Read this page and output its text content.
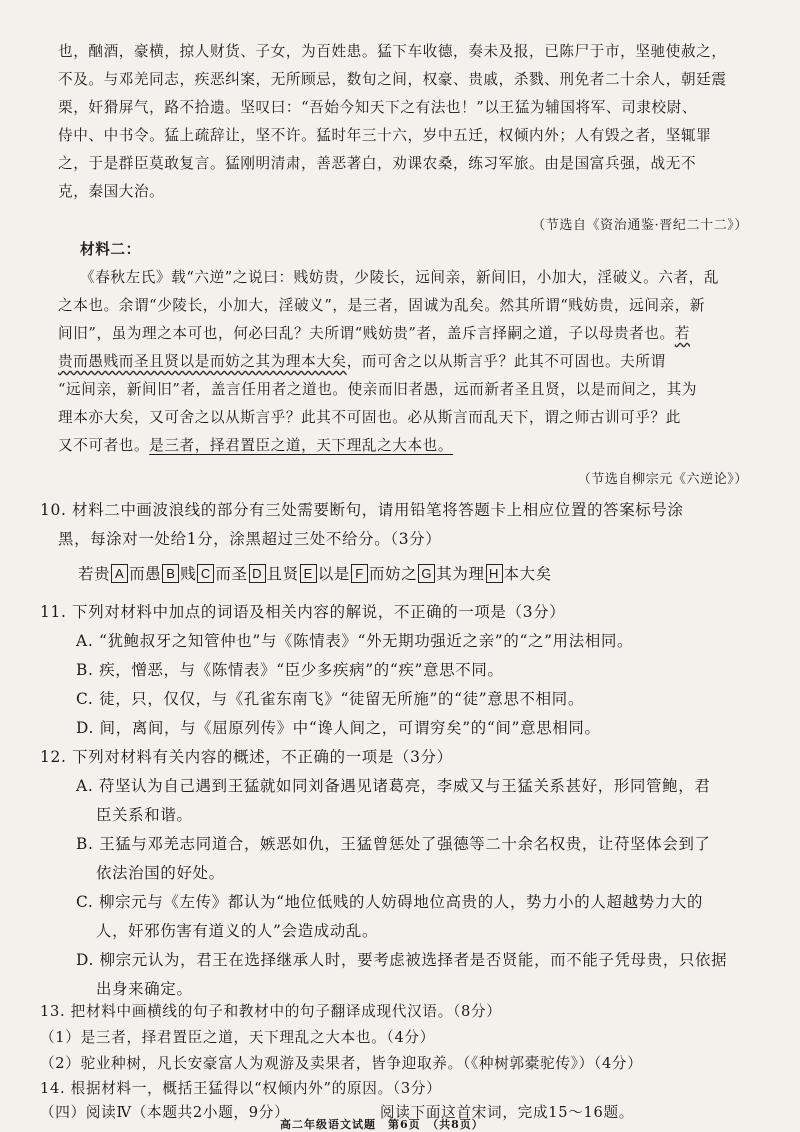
也，酗酒，豪横，掠人财货、子女，为百姓患。猛下车收德，奏未及报，已陈尸于市，坚驰使赦之，
不及。与邓羌同志，疾恶纠案，无所顾忌，数旬之间，权豪、贵戚，杀戮、刑免者二十余人，朝廷震
栗，奸猾屏气，路不拾遗。坚叹曰：“吾始今知天下之有法也！”以王猛为辅国将军、司隶校尉、
侍中、中书令。猛上疏辞让，坚不许。猛时年三十六，岁中五迁，权倾内外；人有毁之者，坚辄罪
之，于是群臣莫敢复言。猛刚明清肃，善恶著白，劝课农桑，练习军旅。由是国富兵强，战无不
克，秦国大治。
（节选自《资治通鉴·晋纪二十二》）
材料二：
《春秋左氏》载“六逆”之说曰：贱妨贵，少陵长，远间亲，新间旧，小加大，淫破义。六者，乱
之本也。余谓“少陵长，小加大，淫破义”，是三者，固诚为乱矣。然其所谓“贱妨贵，远间亲，新
间旧”，虽为理之本可也，何必曰乱？夫所谓“贱妨贵”者，盖斥言择嗣之道，子以母贵者也。若
贵而愚贱而圣且贤以是而妨之其为理本大矣，而可舍之以从斯言乎？此其不可固也。夫所谓
“远间亲，新间旧”者，盖言任用者之道也。使亲而旧者愚，远而新者圣且贤，以是而间之，其为
理本亦大矣，又可舍之以从斯言乎？此其不可固也。必从斯言而乱天下，谓之师古训可乎？此
又不可者也。是三者，择君置臣之道，天下理乱之大本也。
（节选自柳宗元《六逆论》）
10. 材料二中画波浪线的部分有三处需要断句，请用铅笔将答题卡上相应位置的答案标号涂
黑，每涂对一处给1分，涂黑超过三处不给分。（3分）
若贵 A 而愚 B 贱 C 而圣 D 且贤 E 以是 F 而妨之 G 其为理 H 本大矣
11. 下列对材料中加点的词语及相关内容的解说，不正确的一项是（3分）
A. “犹鲍叔牙之知管仲也”与《陈情表》“外无期功强近之亲”的“之”用法相同。
B. 疾，憎恶，与《陈情表》“臣少多疾病”的“疾”意思不同。
C. 徒，只，仅仅，与《孔雀东南飞》“徒留无所施”的“徒”意思不相同。
D. 间，离间，与《屈原列传》中“谗人间之，可谓穷矣”的“间”意思相同。
12. 下列对材料有关内容的概述，不正确的一项是（3分）
A. 苻坚认为自己遇到王猛就如同刘备遇见诸葛亮，李威又与王猛关系甚好，形同管鲍，君
臣关系和谐。
B. 王猛与邓羌志同道合，嫉恶如仇，王猛曾惩处了强德等二十余名权贵，让苻坚体会到了
依法治国的好处。
C. 柳宗元与《左传》都认为“地位低贱的人妨碍地位高贵的人，势力小的人超越势力大的
人，奸邪伤害有道义的人”会造成动乱。
D. 柳宗元认为，君王在选择继承人时，要考虑被选择者是否贤能，而不能子凭母贵，只依据
出身来确定。
13. 把材料中画横线的句子和教材中的句子翻译成现代汉语。（8分）
（1）是三者，择君置臣之道，天下理乱之大本也。（4分）
（2）驼业种树，凡长安豪富人为观游及卖果者，皆争迎取养。（《种树郭橐驼传》）（4分）
14. 根据材料一，概括王猛得以“权倾内外”的原因。（3分）
（四）阅读Ⅳ（本题共2小题，9分）	阅读下面这首宋词，完成15～16题。
高二年级语文试题　第6页　（共8页）
